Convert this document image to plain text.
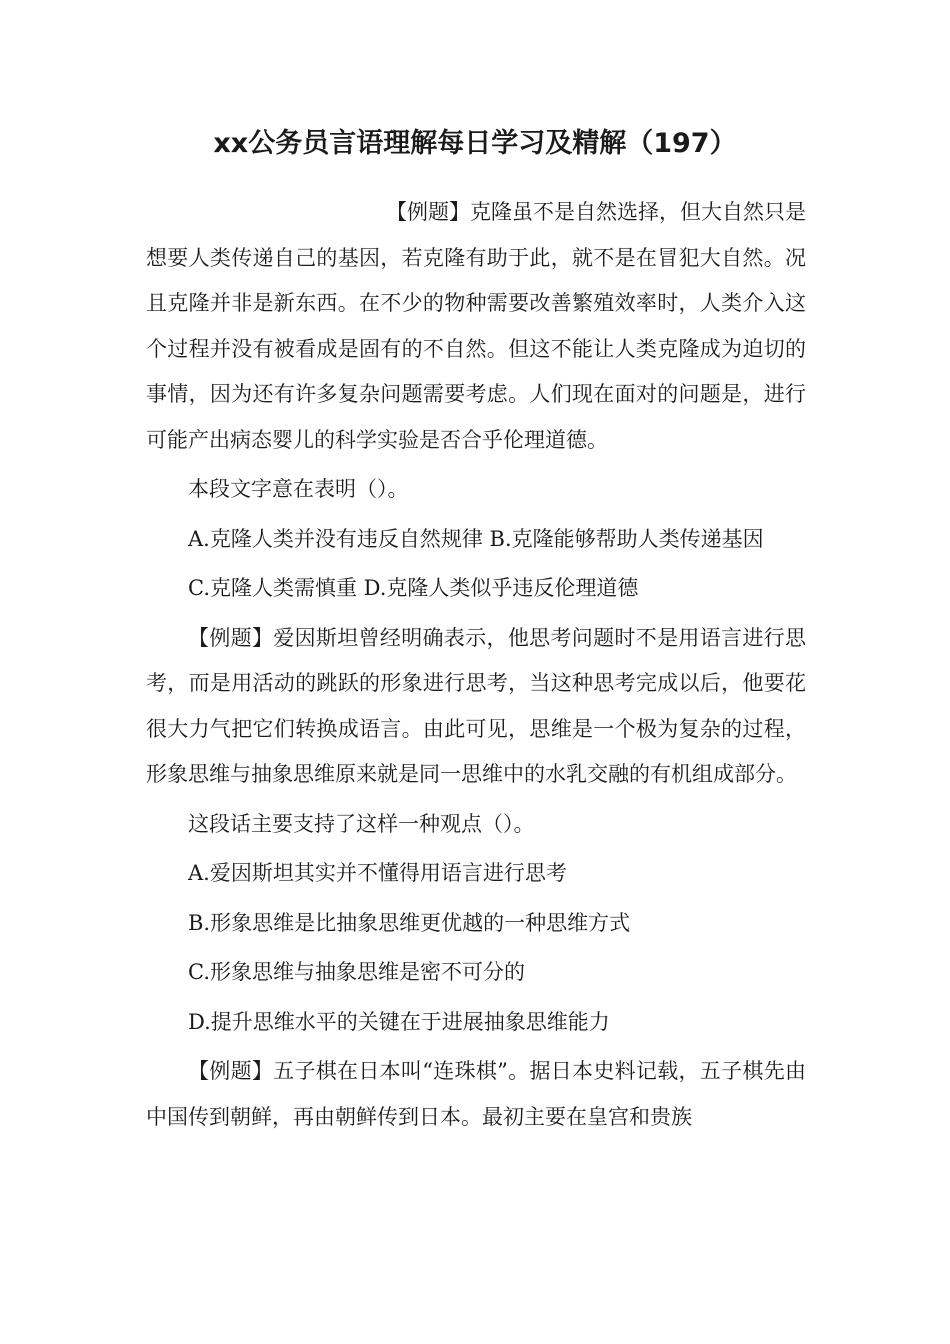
xx公务员言语理解每日学习及精解（197）

【例题】克隆虽不是自然选择，但大自然只是想要人类传递自己的基因，若克隆有助于此，就不是在冒犯大自然。况且克隆并非是新东西。在不少的物种需要改善繁殖效率时，人类介入这个过程并没有被看成是固有的不自然。但这不能让人类克隆成为迫切的事情，因为还有许多复杂问题需要考虑。人们现在面对的问题是，进行可能产出病态婴儿的科学实验是否合乎伦理道德。

本段文字意在表明（）。

A.克隆人类并没有违反自然规律 B.克隆能够帮助人类传递基因

C.克隆人类需慎重 D.克隆人类似乎违反伦理道德

【例题】爱因斯坦曾经明确表示，他思考问题时不是用语言进行思考，而是用活动的跳跃的形象进行思考，当这种思考完成以后，他要花很大力气把它们转换成语言。由此可见，思维是一个极为复杂的过程，形象思维与抽象思维原来就是同一思维中的水乳交融的有机组成部分。

这段话主要支持了这样一种观点（）。

A.爱因斯坦其实并不懂得用语言进行思考

B.形象思维是比抽象思维更优越的一种思维方式

C.形象思维与抽象思维是密不可分的

D.提升思维水平的关键在于进展抽象思维能力

【例题】五子棋在日本叫“连珠棋”。据日本史料记载，五子棋先由中国传到朝鲜，再由朝鲜传到日本。最初主要在皇宫和贵族
